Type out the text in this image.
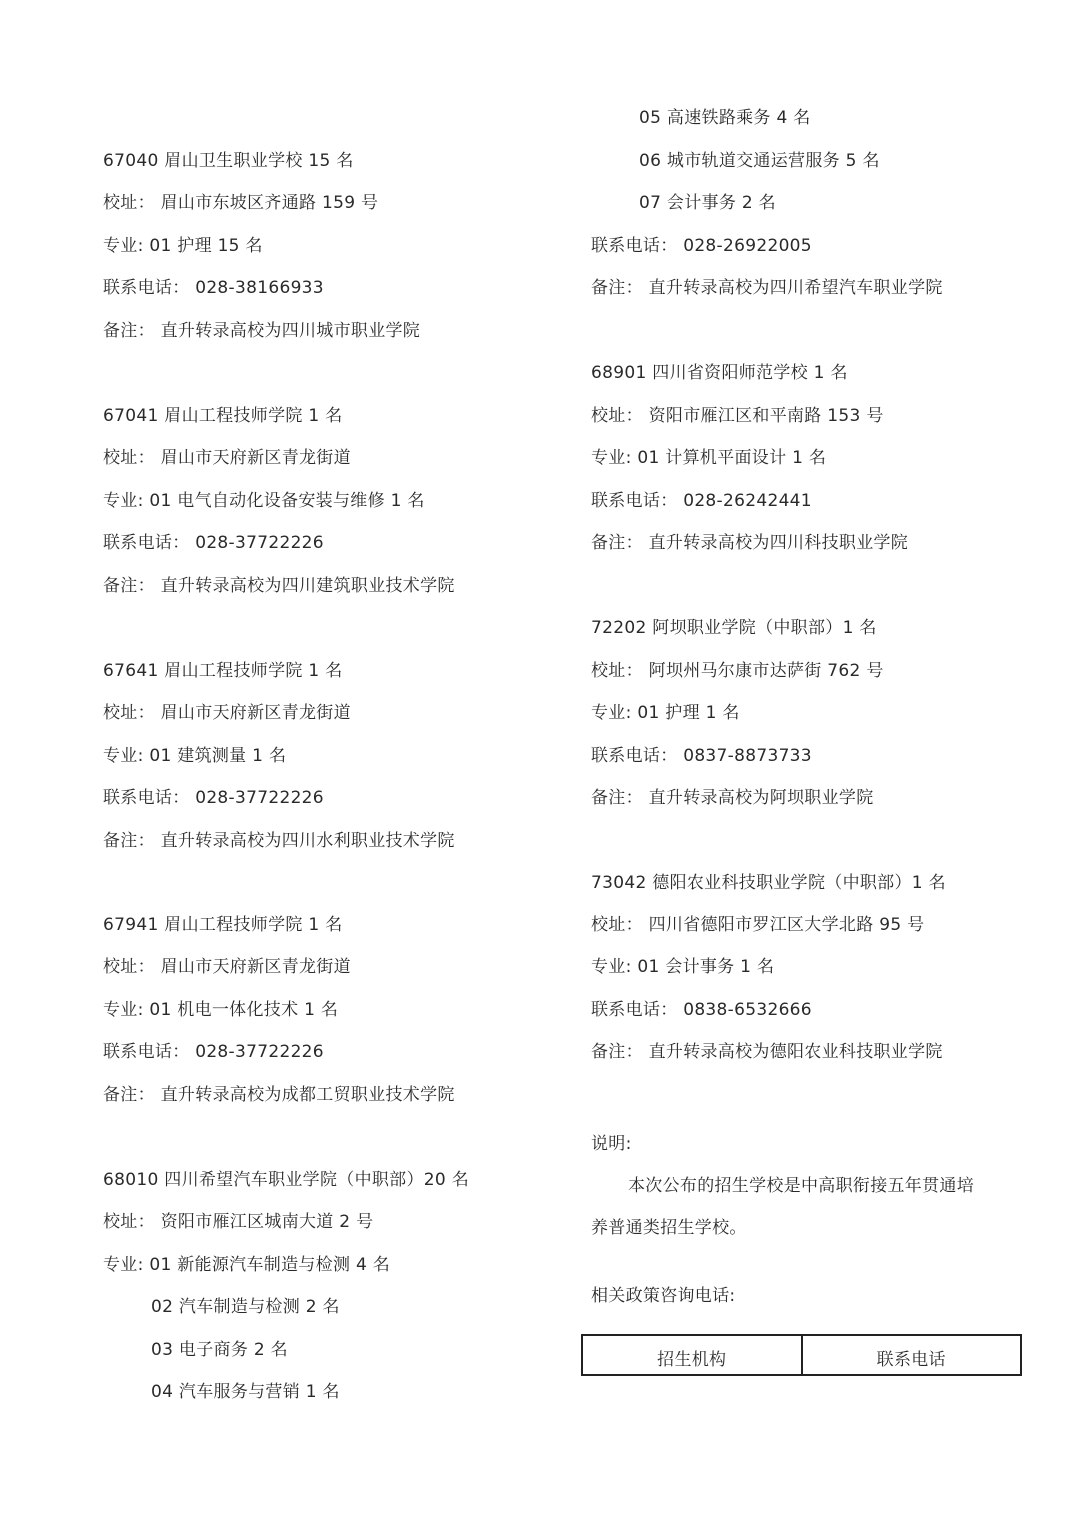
67040 眉山卫生职业学校 15 名
校址： 眉山市东坡区齐通路 159 号
专业: 01 护理 15 名
联系电话： 028-38166933
备注： 直升转录高校为四川城市职业学院
67041 眉山工程技师学院 1 名
校址： 眉山市天府新区青龙街道
专业: 01 电气自动化设备安装与维修 1 名
联系电话： 028-37722226
备注： 直升转录高校为四川建筑职业技术学院
67641 眉山工程技师学院 1 名
校址： 眉山市天府新区青龙街道
专业: 01 建筑测量 1 名
联系电话： 028-37722226
备注： 直升转录高校为四川水利职业技术学院
67941 眉山工程技师学院 1 名
校址： 眉山市天府新区青龙街道
专业: 01 机电一体化技术 1 名
联系电话： 028-37722226
备注： 直升转录高校为成都工贸职业技术学院
68010 四川希望汽车职业学院（中职部）20 名
校址： 资阳市雁江区城南大道 2 号
专业: 01 新能源汽车制造与检测 4 名
02 汽车制造与检测 2 名
03 电子商务 2 名
04 汽车服务与营销 1 名
05 高速铁路乘务 4 名
06 城市轨道交通运营服务 5 名
07 会计事务 2 名
联系电话： 028-26922005
备注： 直升转录高校为四川希望汽车职业学院
68901 四川省资阳师范学校 1 名
校址： 资阳市雁江区和平南路 153 号
专业: 01 计算机平面设计 1 名
联系电话： 028-26242441
备注： 直升转录高校为四川科技职业学院
72202 阿坝职业学院（中职部）1 名
校址： 阿坝州马尔康市达萨街 762 号
专业: 01 护理 1 名
联系电话： 0837-8873733
备注： 直升转录高校为阿坝职业学院
73042 德阳农业科技职业学院（中职部）1 名
校址： 四川省德阳市罗江区大学北路 95 号
专业: 01 会计事务 1 名
联系电话： 0838-6532666
备注： 直升转录高校为德阳农业科技职业学院
说明:
本次公布的招生学校是中高职衔接五年贯通培
养普通类招生学校。
相关政策咨询电话:
招生机构	联系电话
